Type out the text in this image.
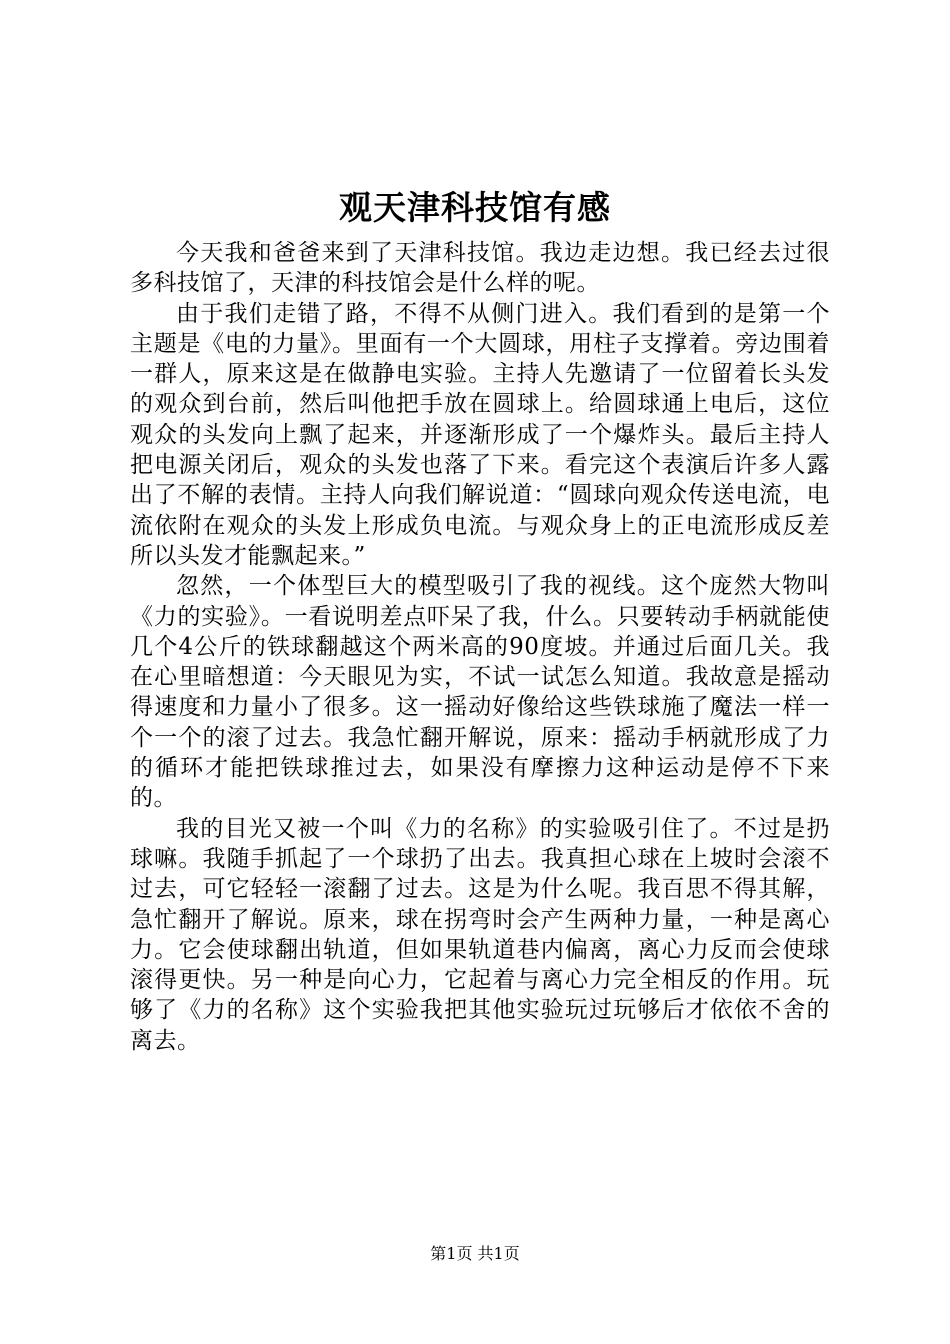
观天津科技馆有感

今天我和爸爸来到了天津科技馆。我边走边想。我已经去过很多科技馆了，天津的科技馆会是什么样的呢。

由于我们走错了路，不得不从侧门进入。我们看到的是第一个主题是《电的力量》。里面有一个大圆球，用柱子支撑着。旁边围着一群人，原来这是在做静电实验。主持人先邀请了一位留着长头发的观众到台前，然后叫他把手放在圆球上。给圆球通上电后，这位观众的头发向上飘了起来，并逐渐形成了一个爆炸头。最后主持人把电源关闭后，观众的头发也落了下来。看完这个表演后许多人露出了不解的表情。主持人向我们解说道：“圆球向观众传送电流，电流依附在观众的头发上形成负电流。与观众身上的正电流形成反差所以头发才能飘起来。”

忽然，一个体型巨大的模型吸引了我的视线。这个庞然大物叫《力的实验》。一看说明差点吓呆了我，什么。只要转动手柄就能使几个4公斤的铁球翻越这个两米高的90度坡。并通过后面几关。我在心里暗想道：今天眼见为实，不试一试怎么知道。我故意是摇动得速度和力量小了很多。这一摇动好像给这些铁球施了魔法一样一个一个的滚了过去。我急忙翻开解说，原来：摇动手柄就形成了力的循环才能把铁球推过去，如果没有摩擦力这种运动是停不下来的。

我的目光又被一个叫《力的名称》的实验吸引住了。不过是扔球嘛。我随手抓起了一个球扔了出去。我真担心球在上坡时会滚不过去，可它轻轻一滚翻了过去。这是为什么呢。我百思不得其解，急忙翻开了解说。原来，球在拐弯时会产生两种力量，一种是离心力。它会使球翻出轨道，但如果轨道巷内偏离，离心力反而会使球滚得更快。另一种是向心力，它起着与离心力完全相反的作用。玩够了《力的名称》这个实验我把其他实验玩过玩够后才依依不舍的离去。

第1页 共1页
